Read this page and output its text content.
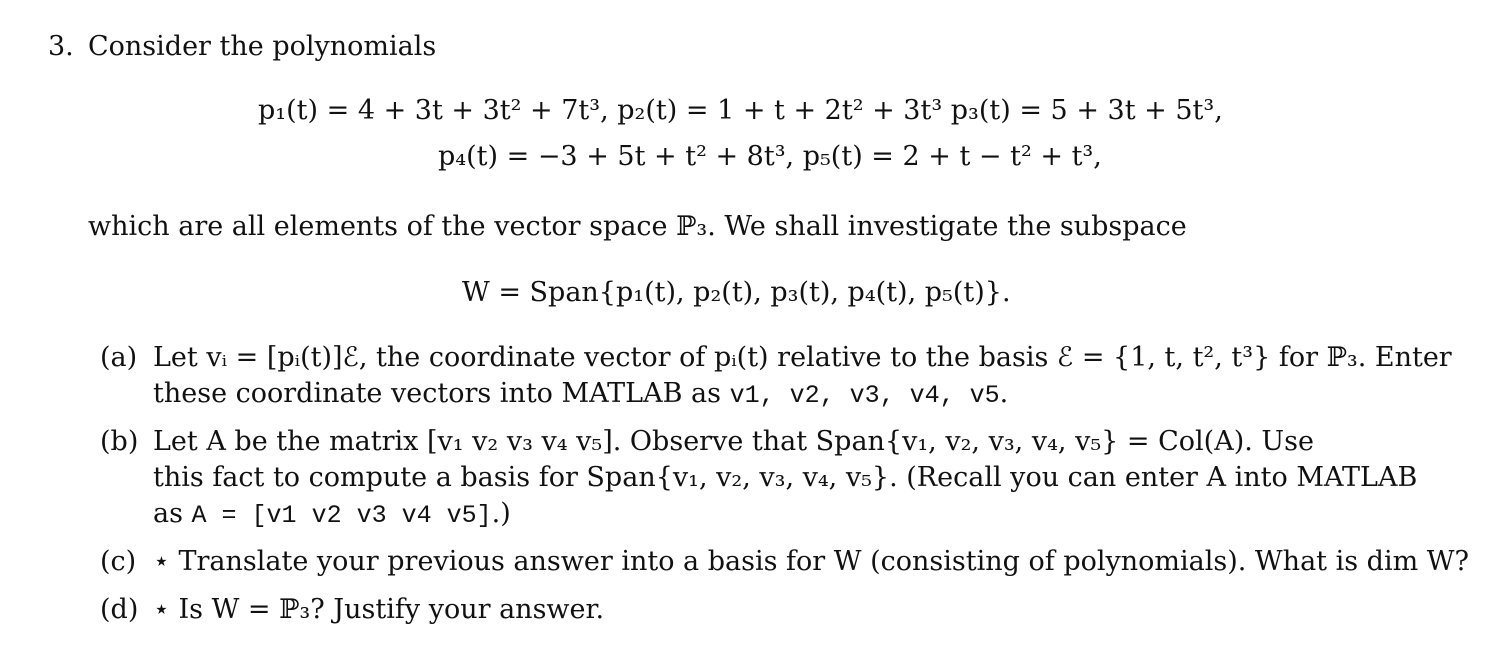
3. Consider the polynomials
p₁(t) = 4 + 3t + 3t² + 7t³, p₂(t) = 1 + t + 2t² + 3t³ p₃(t) = 5 + 3t + 5t³,
p₄(t) = −3 + 5t + t² + 8t³, p₅(t) = 2 + t − t² + t³,
which are all elements of the vector space ℙ₃. We shall investigate the subspace
W = Span{p₁(t), p₂(t), p₃(t), p₄(t), p₅(t)}.
(a) Let vᵢ = [pᵢ(t)]ℰ, the coordinate vector of pᵢ(t) relative to the basis ℰ = {1, t, t², t³} for ℙ₃. Enter
these coordinate vectors into MATLAB as v1, v2, v3, v4, v5.
(b) Let A be the matrix [v₁ v₂ v₃ v₄ v₅]. Observe that Span{v₁, v₂, v₃, v₄, v₅} = Col(A). Use
this fact to compute a basis for Span{v₁, v₂, v₃, v₄, v₅}. (Recall you can enter A into MATLAB
as A = [v1 v2 v3 v4 v5].)
(c) ⋆ Translate your previous answer into a basis for W (consisting of polynomials). What is dim W?
(d) ⋆ Is W = ℙ₃? Justify your answer.
